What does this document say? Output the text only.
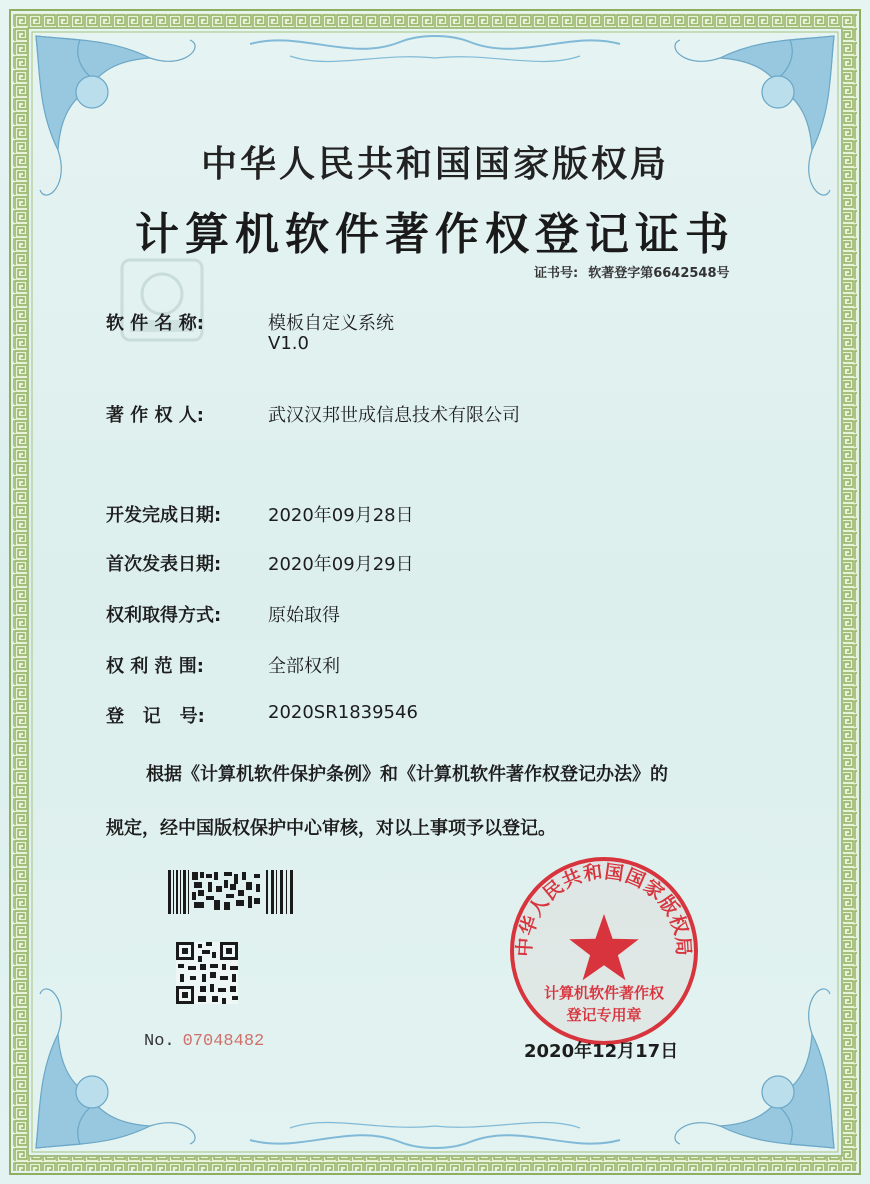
中华人民共和国国家版权局
计算机软件著作权登记证书
证书号: 软著登字第6642548号
软 件 名 称:	模板自定义系统
V1.0
著 作 权 人:	武汉汉邦世成信息技术有限公司
开发完成日期:	2020年09月28日
首次发表日期:	2020年09月29日
权利取得方式:	原始取得
权 利 范 围:	全部权利
登   记   号:	2020SR1839546
根据《计算机软件保护条例》和《计算机软件著作权登记办法》的
规定，经中国版权保护中心审核，对以上事项予以登记。
No. 07048482
中华人民共和国国家版权局
计算机软件著作权
登记专用章
2020年12月17日
